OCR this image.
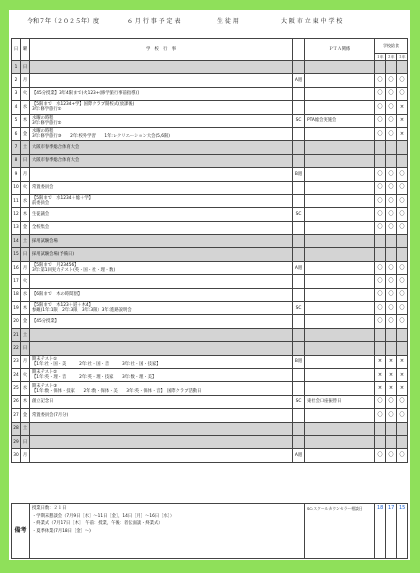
令和７年（２０２５年）度	６ 月 行 事 予 定 表	生 徒 用	大 阪 市 立 東 中 学 校
日	曜	学　校　行　事		ＰＴＡ関係	学校給食		
					１年	２年	３年
1	日						
2	月		A週		〇	〇	〇
3	火	【45分授業】3年4限まで(火123+(修学旅行事前指導)]			〇	〇	〇
4	水	【5限まで　水1234+学】国際クラブ開校式(放課後)
3年:修学旅行①			〇	〇	×
5	木	水曜の時程
3年:修学旅行②	SC	PTA総会実施会	〇	〇	×
6	金	水曜の時程
3年:修学旅行③　　2年:校外学習　　1年:レクリエーション大会(5,6限)			〇	〇	×
7	土	大阪市春季総合体育大会					

8	日	大阪市春季総合体育大会					

9	月		B週		〇	〇	〇
10	火	常置委員会			〇	〇	〇
11	水	【5限まで　水1234＋総＋学】
前委員会			〇	〇	〇
12	木	生徒議会	SC		〇	〇	〇
13	金	全校集会			〇	〇	〇
14	土	採用試験会場					

15	日	採用試験会場(予備日)					

16	月	【5限まで　月23456】
3年:第1回実力テスト(英・国・社・理・数)	A週		〇	〇	〇
17	火				〇	〇	〇
18	水	【6限まで　木の時間割】			〇	〇	〇
19	木	【5限まで　木123＋道＋木4】
参観(1年:1限　2年:3限　3年:3限）3年:進路説明会	SC		〇	〇	〇
20	金	【45分授業】			〇	〇	〇
21	土						
22	日						
23	月	期末テスト①
【1年:社・国・美　　　2年:社・国・音　　　3年:社・国・技家】	B週		×	×	×
24	火	期末テスト②
【1年:英・理・音　　　2年:英・理・技家　　3年:数・理・美】			×	×	×
25	水	期末テスト③
【1年:数・保体・技家　　2年:数・保体・美　　3年:英・保体・音】　国際クラブ活動日			×	×	×
26	木	創立記念日	SC	東社会口座振替日	〇	〇	〇
27	金	常置委員会(7月分)			〇	〇	〇
28	土						
29	日						
30	月		A週		〇	〇	〇
備考	
授業日数：２１日
・学期末懇談会（7月9日［水］～11日［金］，14日［月］～16日［水］）
・終業式（7月17日［木］　午前：授業，午後：者伝面談・終業式）
・夏季休業(7月18日［金］～)
	SC:スクールカウンセラー相談日	18	17	15
